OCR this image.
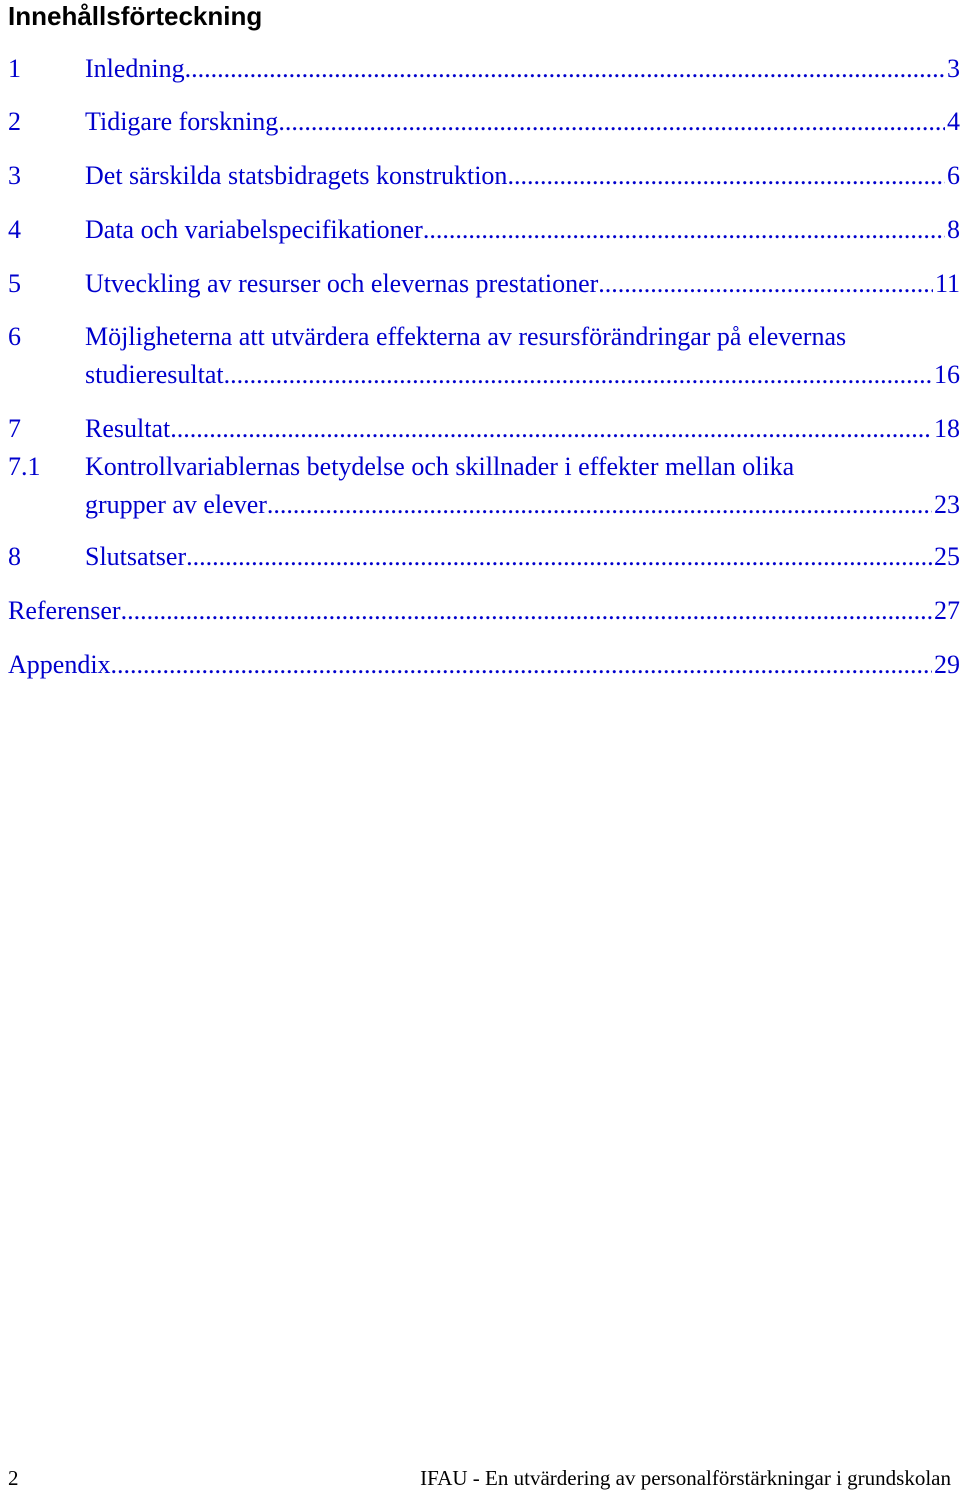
Innehållsförteckning
1 Inledning .....	3
2 Tidigare forskning .....	4
3 Det särskilda statsbidragets konstruktion .....	6
4 Data och variabelspecifikationer .....	8
5 Utveckling av resurser och elevernas prestationer .....	11
6 Möjligheterna att utvärdera effekterna av resursförändringar på elevernas
studieresultat .....	16
7 Resultat .....	18
7.1 Kontrollvariablernas betydelse och skillnader i effekter mellan olika
grupper av elever .....	23
8 Slutsatser .....	25
Referenser .....	27
Appendix .....	29
2	IFAU - En utvärdering av personalförstärkningar i grundskolan
